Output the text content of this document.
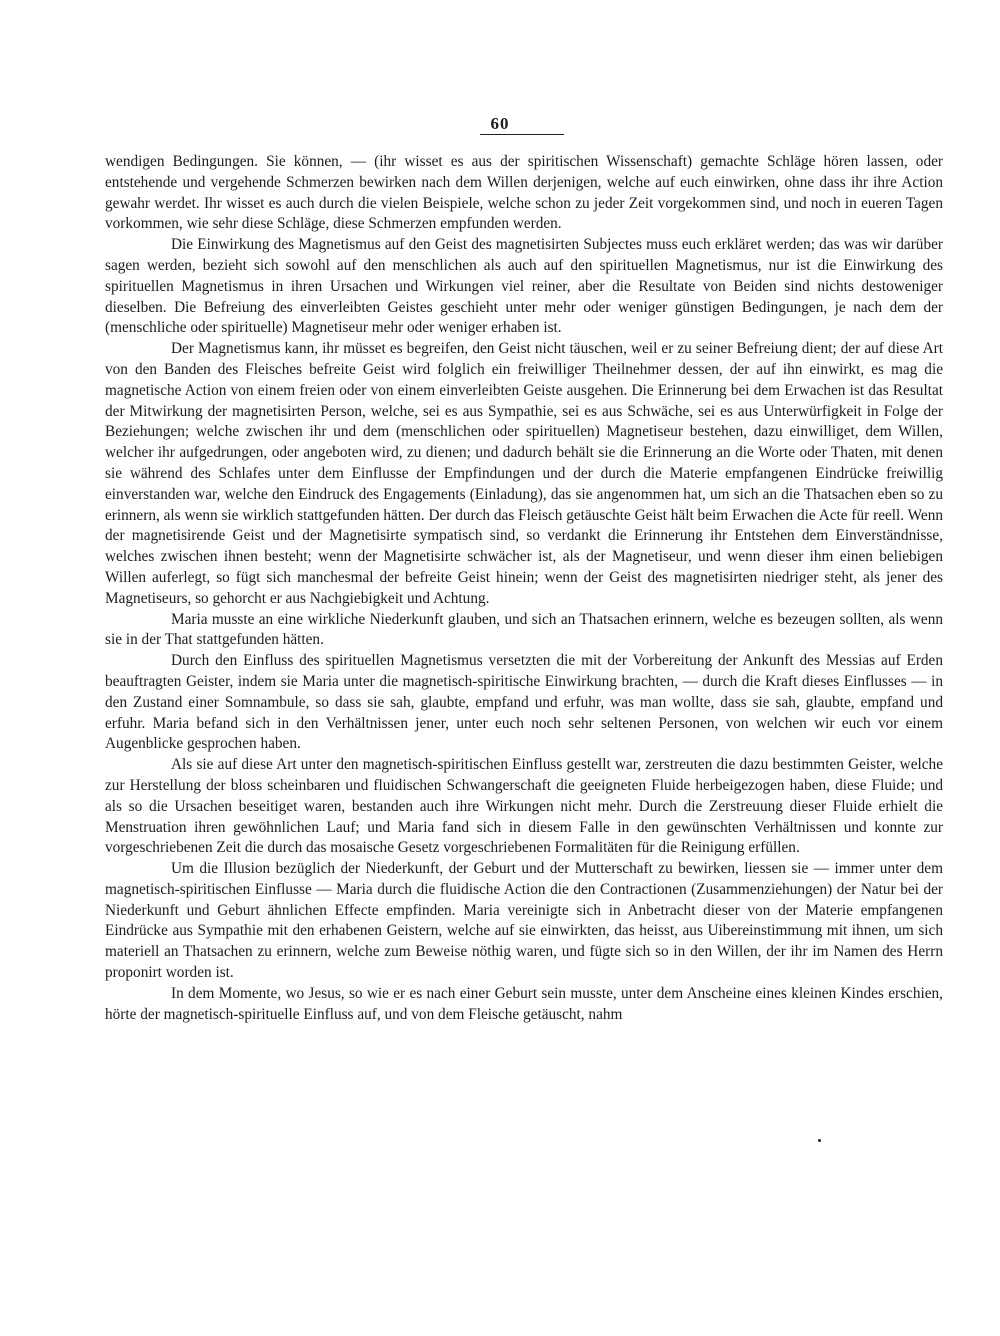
60

wendigen Bedingungen. Sie können, — (ihr wisset es aus der spiritischen Wissenschaft) gemachte Schläge hören lassen, oder entstehende und vergehende Schmerzen bewirken nach dem Willen derjenigen, welche auf euch einwirken, ohne dass ihr ihre Action gewahr werdet. Ihr wisset es auch durch die vielen Beispiele, welche schon zu jeder Zeit vorgekommen sind, und noch in eueren Tagen vorkommen, wie sehr diese Schläge, diese Schmerzen empfunden werden.

Die Einwirkung des Magnetismus auf den Geist des magnetisirten Subjectes muss euch erkläret werden; das was wir darüber sagen werden, bezieht sich sowohl auf den menschlichen als auch auf den spirituellen Magnetismus, nur ist die Einwirkung des spirituellen Magnetismus in ihren Ursachen und Wirkungen viel reiner, aber die Resultate von Beiden sind nichts destoweniger dieselben. Die Befreiung des einverleibten Geistes geschieht unter mehr oder weniger günstigen Bedingungen, je nach dem der (menschliche oder spirituelle) Magnetiseur mehr oder weniger erhaben ist.

Der Magnetismus kann, ihr müsset es begreifen, den Geist nicht täuschen, weil er zu seiner Befreiung dient; der auf diese Art von den Banden des Fleisches befreite Geist wird folglich ein freiwilliger Theilnehmer dessen, der auf ihn einwirkt, es mag die magnetische Action von einem freien oder von einem einverleibten Geiste ausgehen. Die Erinnerung bei dem Erwachen ist das Resultat der Mitwirkung der magnetisirten Person, welche, sei es aus Sympathie, sei es aus Schwäche, sei es aus Unterwürfigkeit in Folge der Beziehungen; welche zwischen ihr und dem (menschlichen oder spirituellen) Magnetiseur bestehen, dazu einwilliget, dem Willen, welcher ihr aufgedrungen, oder angeboten wird, zu dienen; und dadurch behält sie die Erinnerung an die Worte oder Thaten, mit denen sie während des Schlafes unter dem Einflusse der Empfindungen und der durch die Materie empfangenen Eindrücke freiwillig einverstanden war, welche den Eindruck des Engagements (Einladung), das sie angenommen hat, um sich an die Thatsachen eben so zu erinnern, als wenn sie wirklich stattgefunden hätten. Der durch das Fleisch getäuschte Geist hält beim Erwachen die Acte für reell. Wenn der magnetisirende Geist und der Magnetisirte sympatisch sind, so verdankt die Erinnerung ihr Entstehen dem Einverständnisse, welches zwischen ihnen besteht; wenn der Magnetisirte schwächer ist, als der Magnetiseur, und wenn dieser ihm einen beliebigen Willen auferlegt, so fügt sich manchesmal der befreite Geist hinein; wenn der Geist des magnetisirten niedriger steht, als jener des Magnetiseurs, so gehorcht er aus Nachgiebigkeit und Achtung.

Maria musste an eine wirkliche Niederkunft glauben, und sich an Thatsachen erinnern, welche es bezeugen sollten, als wenn sie in der That stattgefunden hätten.

Durch den Einfluss des spirituellen Magnetismus versetzten die mit der Vorbereitung der Ankunft des Messias auf Erden beauftragten Geister, indem sie Maria unter die magnetisch-spiritische Einwirkung brachten, — durch die Kraft dieses Einflusses — in den Zustand einer Somnambule, so dass sie sah, glaubte, empfand und erfuhr, was man wollte, dass sie sah, glaubte, empfand und erfuhr. Maria befand sich in den Verhältnissen jener, unter euch noch sehr seltenen Personen, von welchen wir euch vor einem Augenblicke gesprochen haben.

Als sie auf diese Art unter den magnetisch-spiritischen Einfluss gestellt war, zerstreuten die dazu bestimmten Geister, welche zur Herstellung der bloss scheinbaren und fluidischen Schwangerschaft die geeigneten Fluide herbeigezogen haben, diese Fluide; und als so die Ursachen beseitiget waren, bestanden auch ihre Wirkungen nicht mehr. Durch die Zerstreuung dieser Fluide erhielt die Menstruation ihren gewöhnlichen Lauf; und Maria fand sich in diesem Falle in den gewünschten Verhältnissen und konnte zur vorgeschriebenen Zeit die durch das mosaische Gesetz vorgeschriebenen Formalitäten für die Reinigung erfüllen.

Um die Illusion bezüglich der Niederkunft, der Geburt und der Mutterschaft zu bewirken, liessen sie — immer unter dem magnetisch-spiritischen Einflusse — Maria durch die fluidische Action die den Contractionen (Zusammenziehungen) der Natur bei der Niederkunft und Geburt ähnlichen Effecte empfinden. Maria vereinigte sich in Anbetracht dieser von der Materie empfangenen Eindrücke aus Sympathie mit den erhabenen Geistern, welche auf sie einwirkten, das heisst, aus Uibereinstimmung mit ihnen, um sich materiell an Thatsachen zu erinnern, welche zum Beweise nöthig waren, und fügte sich so in den Willen, der ihr im Namen des Herrn proponirt worden ist.

In dem Momente, wo Jesus, so wie er es nach einer Geburt sein musste, unter dem Anscheine eines kleinen Kindes erschien, hörte der magnetisch-spirituelle Einfluss auf, und von dem Fleische getäuscht, nahm
